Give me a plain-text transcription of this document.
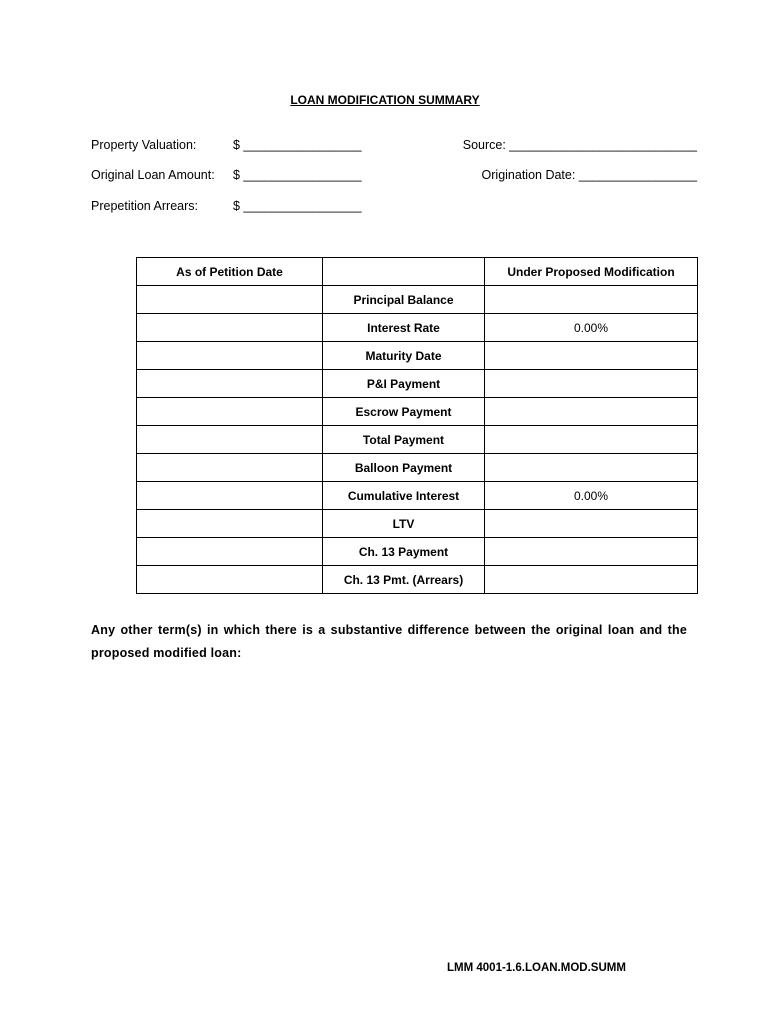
LOAN MODIFICATION SUMMARY
Property Valuation:	$ _________________	Source: ___________________________
Original Loan Amount: $ _________________	Origination Date: _________________
Prepetition Arrears:	$ _________________
As of Petition Date		Under Proposed Modification
	Principal Balance	
	Interest Rate	0.00%
	Maturity Date	
	P&I Payment	
	Escrow Payment	
	Total Payment	
	Balloon Payment	
	Cumulative Interest	0.00%
	LTV	
	Ch. 13 Payment	
	Ch. 13 Pmt. (Arrears)	
Any other term(s) in which there is a substantive difference between the original loan and the proposed modified loan:
LMM 4001-1.6.LOAN.MOD.SUMM
